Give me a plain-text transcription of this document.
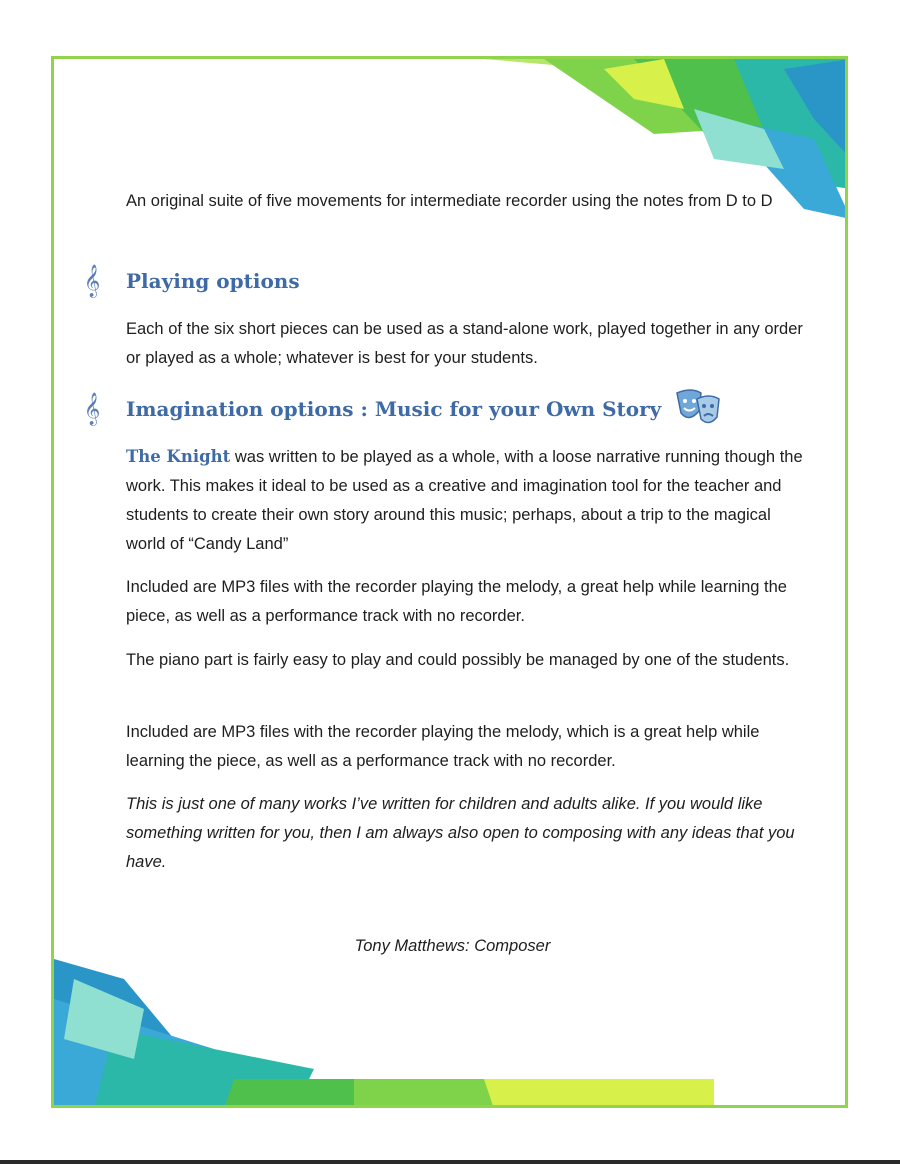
An original suite of five movements for intermediate recorder using the notes from D to D

𝄞 Playing options

Each of the six short pieces can be used as a stand-alone work, played together in any order or played as a whole; whatever is best for your students.

𝄞 Imagination options : Music for your Own Story

The Knight was written to be played as a whole, with a loose narrative running though the work. This makes it ideal to be used as a creative and imagination tool for the teacher and students to create their own story around this music; perhaps, about a trip to the magical world of “Candy Land”

Included are MP3 files with the recorder playing the melody, a great help while learning the piece, as well as a performance track with no recorder.

The piano part is fairly easy to play and could possibly be managed by one of the students.

Included are MP3 files with the recorder playing the melody, which is a great help while learning the piece, as well as a performance track with no recorder.

This is just one of many works I’ve written for children and adults alike. If you would like something written for you, then I am always also open to composing with any ideas that you have.

Tony Matthews: Composer
